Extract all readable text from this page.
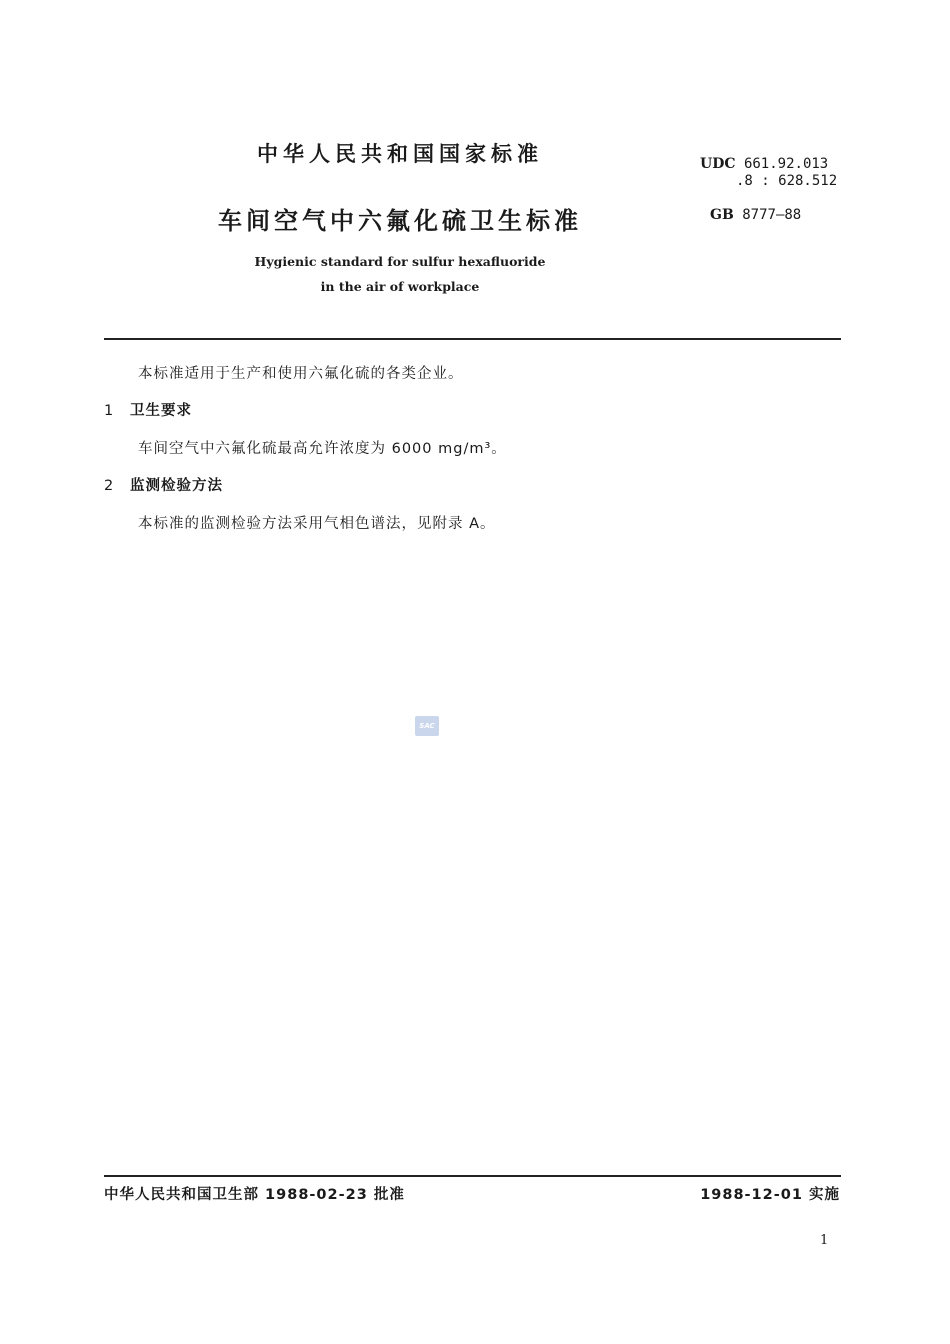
中华人民共和国国家标准	UDC 661.92.013
.8 : 628.512
GB 8777—88
车间空气中六氟化硫卫生标准
Hygienic standard for sulfur hexafluoride
in the air of workplace
本标准适用于生产和使用六氟化硫的各类企业。
1 卫生要求
车间空气中六氟化硫最高允许浓度为 6000 mg/m³。
2 监测检验方法
本标准的监测检验方法采用气相色谱法，见附录 A。
SAC
中华人民共和国卫生部 1988-02-23 批准	1988-12-01 实施
1
